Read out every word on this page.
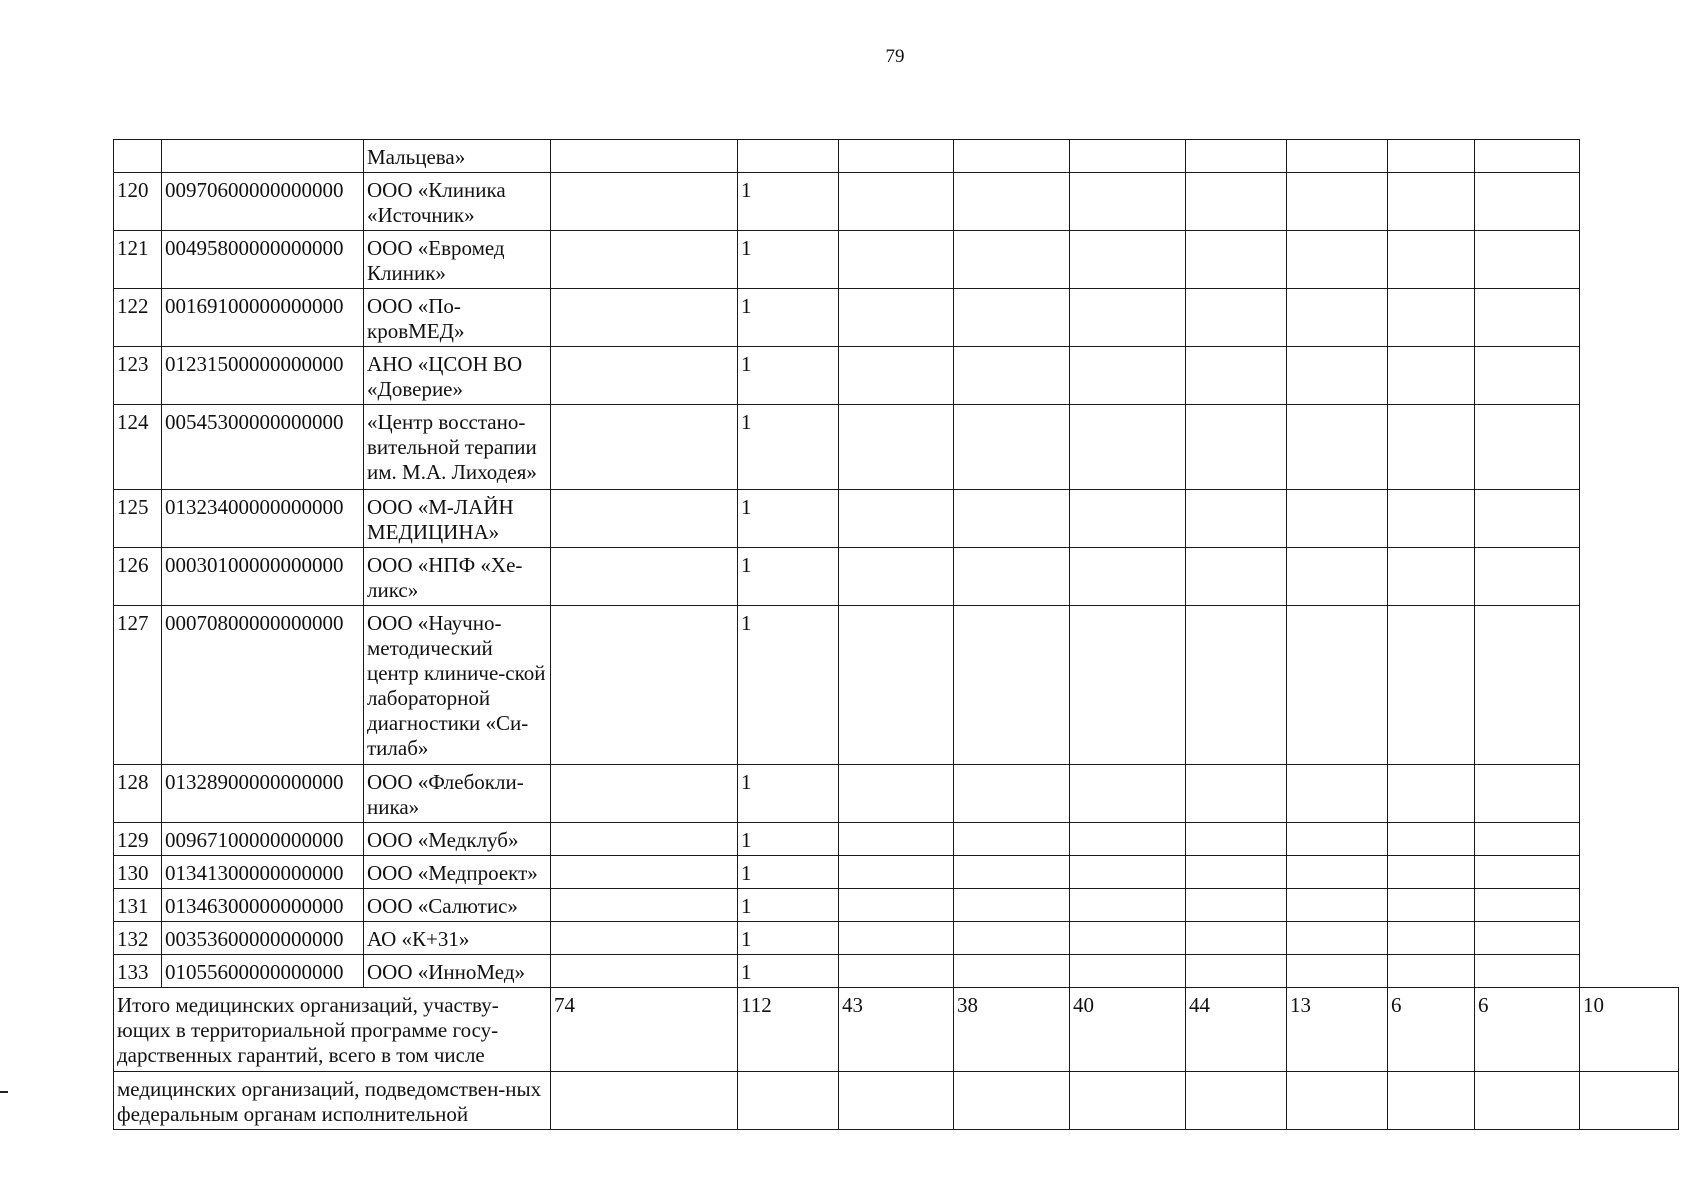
79
		Мальцева»										
120	00970600000000000	ООО «Клиника «Источник»		1								
121	00495800000000000	ООО «Евромед Клиник»		1								
122	00169100000000000	ООО «По-кровМЕД»		1								
123	01231500000000000	АНО «ЦСОН ВО «Доверие»		1								
124	00545300000000000	«Центр восстано-вительной терапии им. М.А. Лиходея»		1								
125	01323400000000000	ООО «М-ЛАЙН МЕДИЦИНА»		1								
126	00030100000000000	ООО «НПФ «Хе-ликс»		1								
127	00070800000000000	ООО «Научно-методический центр клиниче-ской лабораторной диагностики «Си-тилаб»		1								
128	01328900000000000	ООО «Флебокли-ника»		1								
129	00967100000000000	ООО «Медклуб»		1								
130	01341300000000000	ООО «Медпроект»		1								
131	01346300000000000	ООО «Салютис»		1								
132	00353600000000000	АО «К+31»		1								
133	01055600000000000	ООО «ИнноМед»		1								
Итого медицинских организаций, участву-ющих в территориальной программе госу-дарственных гарантий, всего в том числе			74	112	43	38	40	44	13	6	6	10
медицинских организаций, подведомствен-ных федеральным органам исполнительной												
